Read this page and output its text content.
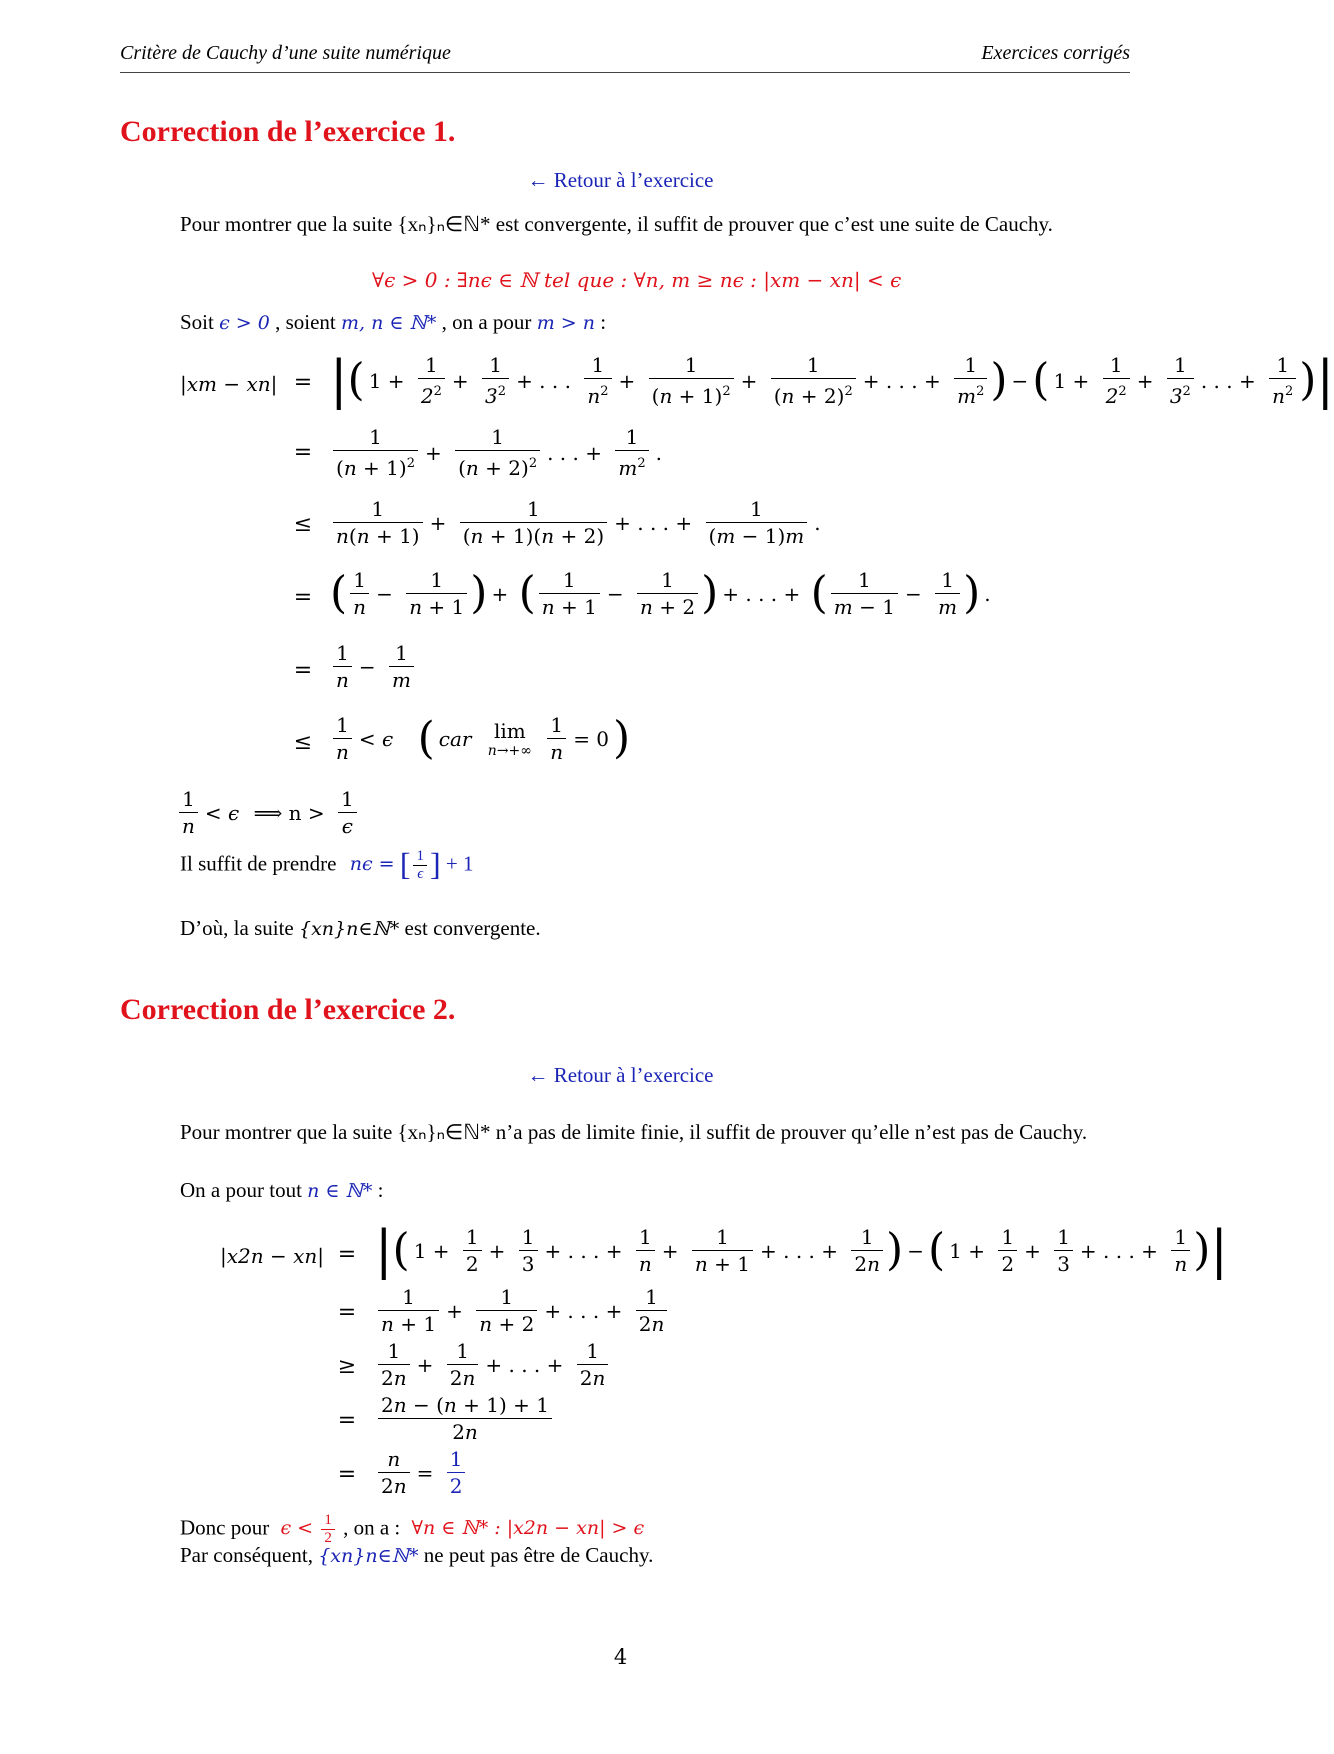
Critère de Cauchy d’une suite numérique	Exercices corrigés
Correction de l’exercice 1.
← Retour à l’exercice
Pour montrer que la suite {xₙ}ₙ∈ℕ* est convergente, il suffit de prouver que c’est une suite de Cauchy.
∀ϵ > 0 : ∃nϵ ∈ ℕ tel que : ∀n, m ≥ nϵ : |xm − xn| < ϵ
Soit ϵ > 0 , soient m, n ∈ ℕ* , on a pour m > n :
|xm − xn| = |( $1 + \frac{1}{2^2} + \frac{1}{3^2}$ + . . . $\frac{1}{n^2} + \frac{1}{(n + 1)^2} + \frac{1}{(n + 2)^2}$ + . . . + $\frac{1}{m^2}$ ) −( $1 + \frac{1}{2^2} + \frac{1}{3^2}$ . . . + $\frac{1}{n^2}$ )|
= $\frac{1}{(n + 1)^2} + \frac{1}{(n + 2)^2}$ . . . + $\frac{1}{m^2}$ .
≤ $\frac{1}{n(n + 1)} + \frac{1}{(n + 1)(n + 2)}$ + . . . + $\frac{1}{(m - 1)m}$ .
= ( $\frac{1}{n} - \frac{1}{n + 1}$ ) + ( $\frac{1}{n + 1} - \frac{1}{n + 2}$ ) + . . . + ( $\frac{1}{m - 1} - \frac{1}{m}$ ) .
= $\frac{1}{n} - \frac{1}{m}$
≤ $\frac{1}{n} < \epsilon$ ( car	lim
n→+∞
$\frac{1}{n} = 0$)
$\frac{1}{n} < \epsilon$ ⟹ $n > \frac{1}{\epsilon}$
Il suffit de prendre nϵ = [ $\frac{1}{\epsilon}$ ] + 1
D’où, la suite {xn}n∈ℕ* est convergente.
Correction de l’exercice 2.
← Retour à l’exercice
Pour montrer que la suite {xₙ}ₙ∈ℕ* n’a pas de limite finie, il suffit de prouver qu’elle n’est pas de Cauchy.
On a pour tout n ∈ ℕ* :
|x2n − xn| = |( $1 + \frac{1}{2} + \frac{1}{3}$ + . . . + $\frac{1}{n} + \frac{1}{n + 1}$ + . . . + $\frac{1}{2n}$ ) −( $1 + \frac{1}{2} + \frac{1}{3}$ + . . . + $\frac{1}{n}$ )|
= $\frac{1}{n + 1} + \frac{1}{n + 2}$ + . . . + $\frac{1}{2n}$
≥ $\frac{1}{2n} + \frac{1}{2n}$ + . . . + $\frac{1}{2n}$
= $\frac{2n - (n + 1) + 1}{2n}$
= $\frac{n}{2n} = \frac{1}{2}$
Donc pour $\epsilon < \frac{1}{2}$ , on a : ∀n ∈ ℕ* : |x2n − xn| > ϵ
Par conséquent, {xn}n∈ℕ* ne peut pas être de Cauchy.
4
